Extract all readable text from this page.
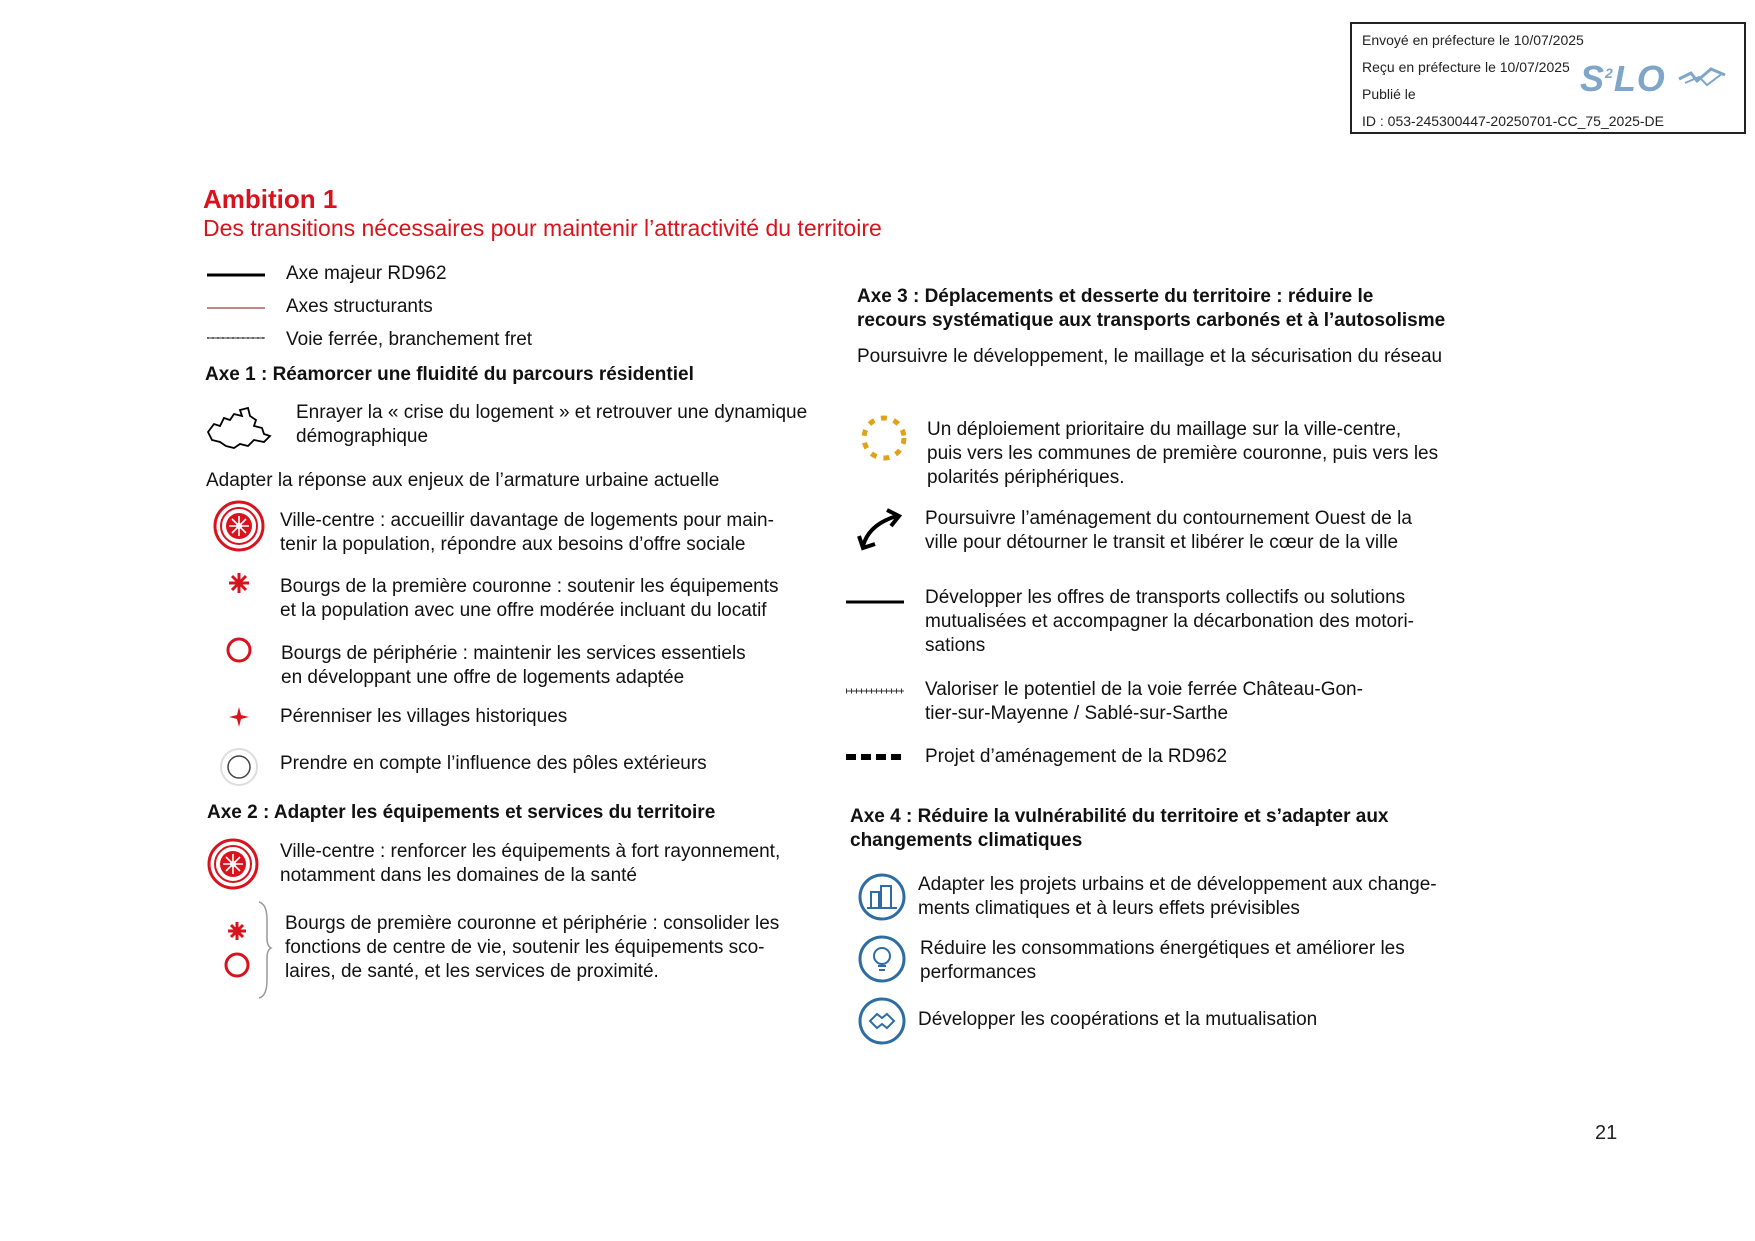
Envoyé en préfecture le 10/07/2025
Reçu en préfecture le 10/07/2025
Publié le
ID : 053-245300447-20250701-CC_75_2025-DE
$S^2LO$
Ambition 1
Des transitions nécessaires pour maintenir l’attractivité du territoire
Axe majeur RD962
Axes structurants
Voie ferrée, branchement fret
Axe 1 : Réamorcer une fluidité du parcours résidentiel
Enrayer la « crise du logement » et retrouver une dynamique
démographique
Adapter la réponse aux enjeux de l’armature urbaine actuelle
Ville-centre : accueillir davantage de logements pour main-
tenir la population, répondre aux besoins d’offre sociale
Bourgs de la première couronne : soutenir les équipements
et la population avec une offre modérée incluant du locatif
Bourgs de périphérie : maintenir les services essentiels
en développant une offre de logements adaptée
Pérenniser les villages historiques
Prendre en compte l’influence des pôles extérieurs
Axe 2 : Adapter les équipements et services du territoire
Ville-centre : renforcer les équipements à fort rayonnement,
notamment dans les domaines de la santé
Bourgs de première couronne et périphérie : consolider les
fonctions de centre de vie, soutenir les équipements sco-
laires, de santé, et les services de proximité.
Axe 3 : Déplacements et desserte du territoire : réduire le
recours systématique aux transports carbonés et à l’autosolisme
Poursuivre le développement, le maillage et la sécurisation du réseau
Un déploiement prioritaire du maillage sur la ville-centre,
puis vers les communes de première couronne, puis vers les
polarités périphériques.
Poursuivre l’aménagement du contournement Ouest de la
ville pour détourner le transit et libérer le cœur de la ville
Développer les offres de transports collectifs ou solutions
mutualisées et accompagner la décarbonation des motori-
sations
Valoriser le potentiel de la voie ferrée Château-Gon-
tier-sur-Mayenne / Sablé-sur-Sarthe
Projet d’aménagement de la RD962
Axe 4 : Réduire la vulnérabilité du territoire et s’adapter aux
changements climatiques
Adapter les projets urbains et de développement aux change-
ments climatiques et à leurs effets prévisibles
Réduire les consommations énergétiques et améliorer les
performances
Développer les coopérations et la mutualisation
21
